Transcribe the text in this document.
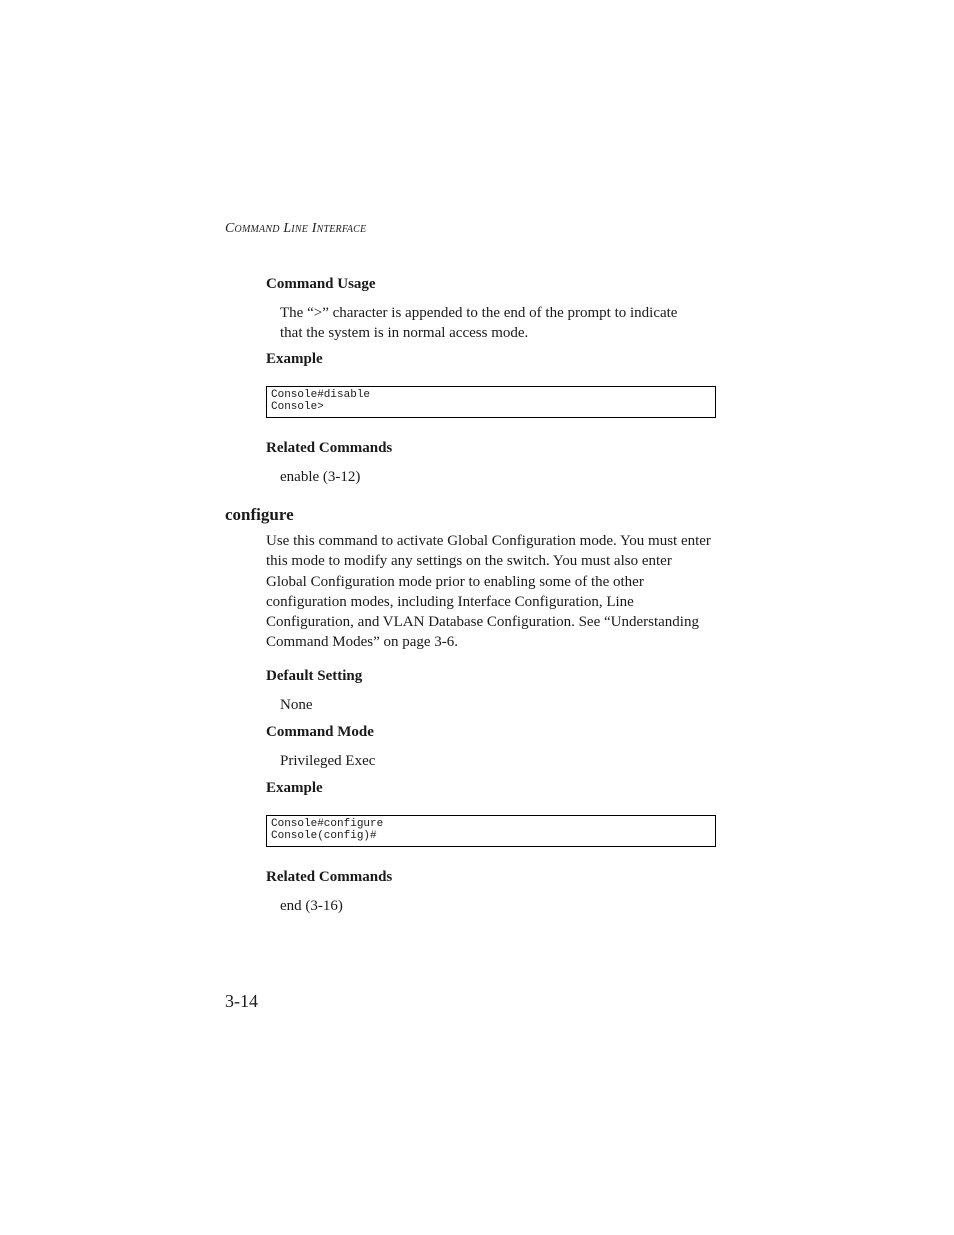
Command Line Interface
Command Usage
The “>” character is appended to the end of the prompt to indicate
that the system is in normal access mode.
Example
Console#disable
Console>
Related Commands
enable (3-12)
configure
Use this command to activate Global Configuration mode. You must enter
this mode to modify any settings on the switch. You must also enter
Global Configuration mode prior to enabling some of the other
configuration modes, including Interface Configuration, Line
Configuration, and VLAN Database Configuration. See “Understanding
Command Modes” on page 3-6.
Default Setting
None
Command Mode
Privileged Exec
Example
Console#configure
Console(config)#
Related Commands
end (3-16)
3-14
